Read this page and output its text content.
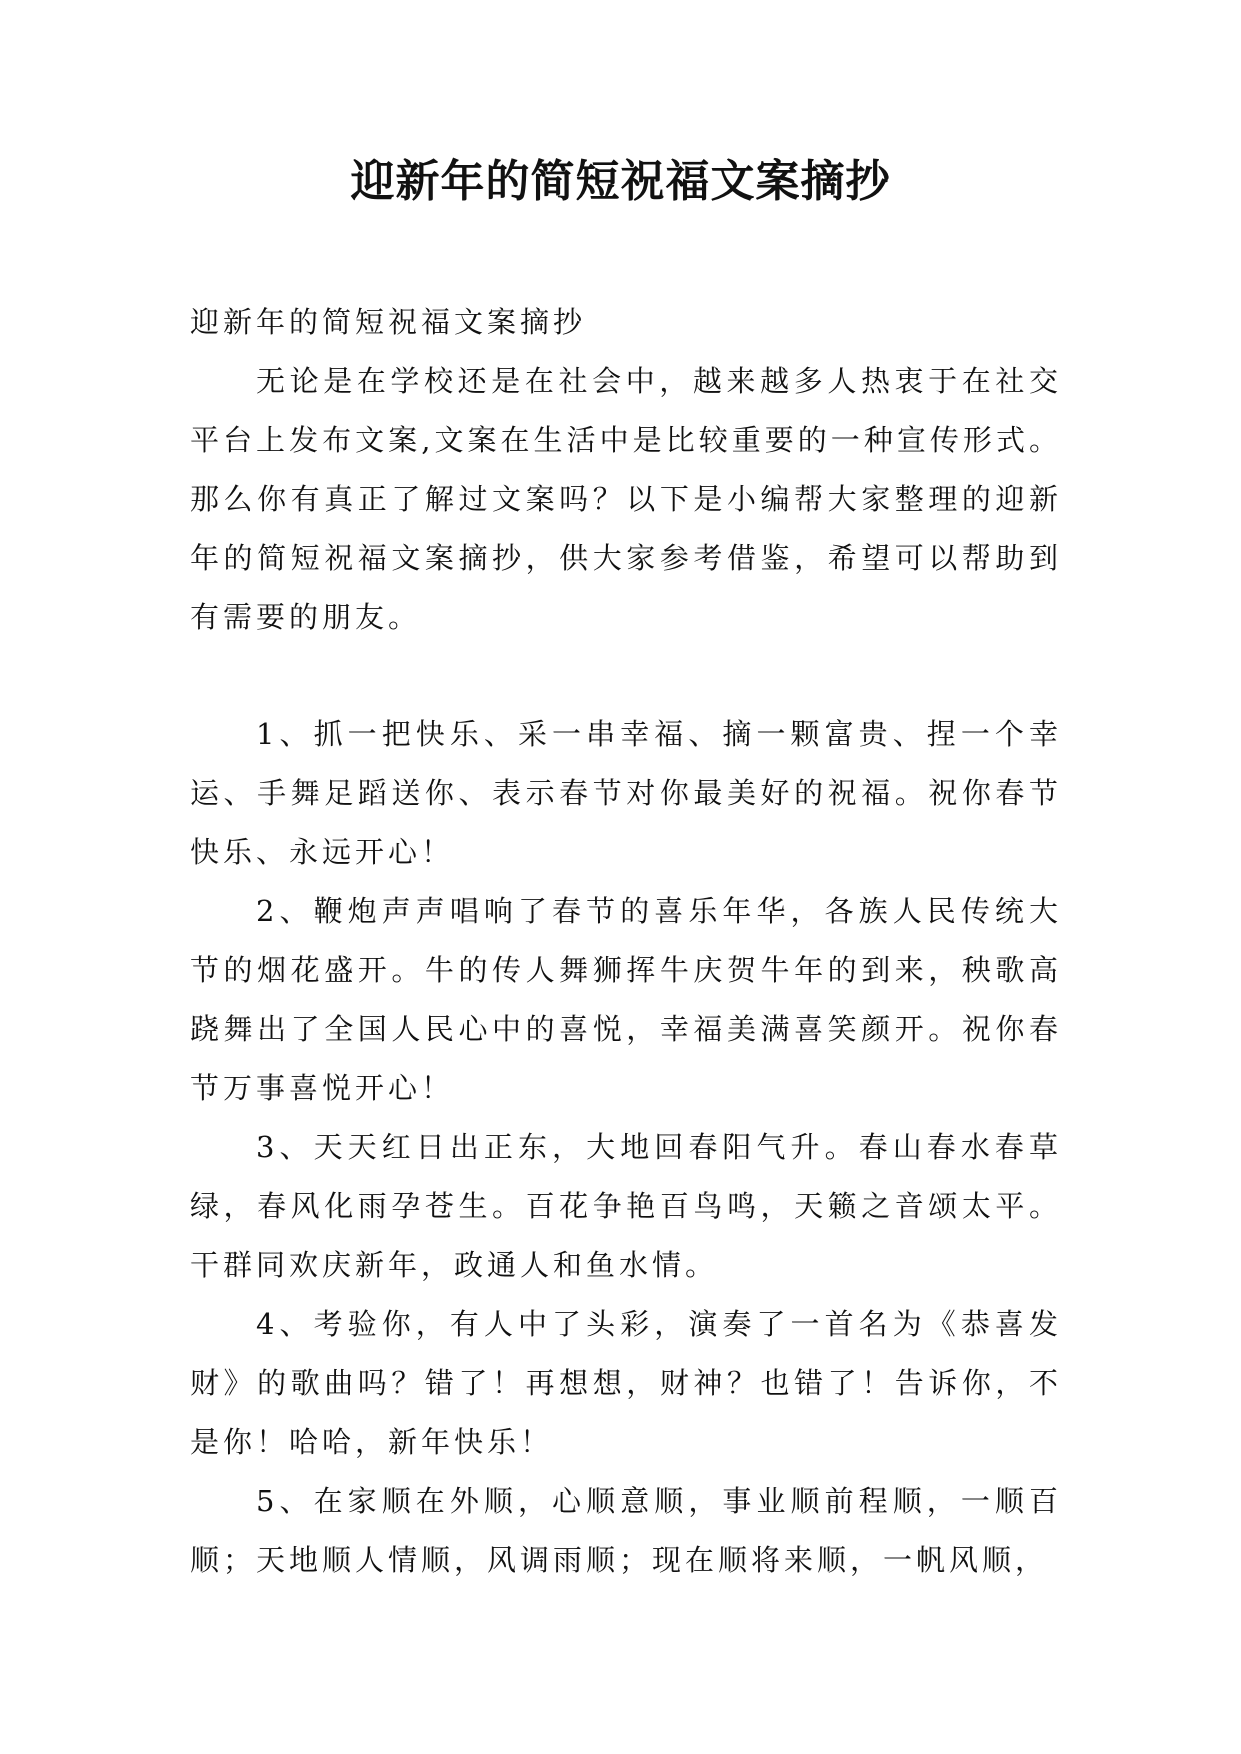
迎新年的简短祝福文案摘抄

迎新年的简短祝福文案摘抄

无论是在学校还是在社会中，越来越多人热衷于在社交平台上发布文案,文案在生活中是比较重要的一种宣传形式。那么你有真正了解过文案吗？以下是小编帮大家整理的迎新年的简短祝福文案摘抄，供大家参考借鉴，希望可以帮助到有需要的朋友。

1、抓一把快乐、采一串幸福、摘一颗富贵、捏一个幸运、手舞足蹈送你、表示春节对你最美好的祝福。祝你春节快乐、永远开心！

2、鞭炮声声唱响了春节的喜乐年华，各族人民传统大节的烟花盛开。牛的传人舞狮挥牛庆贺牛年的到来，秧歌高跷舞出了全国人民心中的喜悦，幸福美满喜笑颜开。祝你春节万事喜悦开心！

3、天天红日出正东，大地回春阳气升。春山春水春草绿，春风化雨孕苍生。百花争艳百鸟鸣，天籁之音颂太平。干群同欢庆新年，政通人和鱼水情。

4、考验你，有人中了头彩，演奏了一首名为《恭喜发财》的歌曲吗？错了！再想想，财神？也错了！告诉你，不是你！哈哈，新年快乐！

5、在家顺在外顺，心顺意顺，事业顺前程顺，一顺百顺；天地顺人情顺，风调雨顺；现在顺将来顺，一帆风顺，
